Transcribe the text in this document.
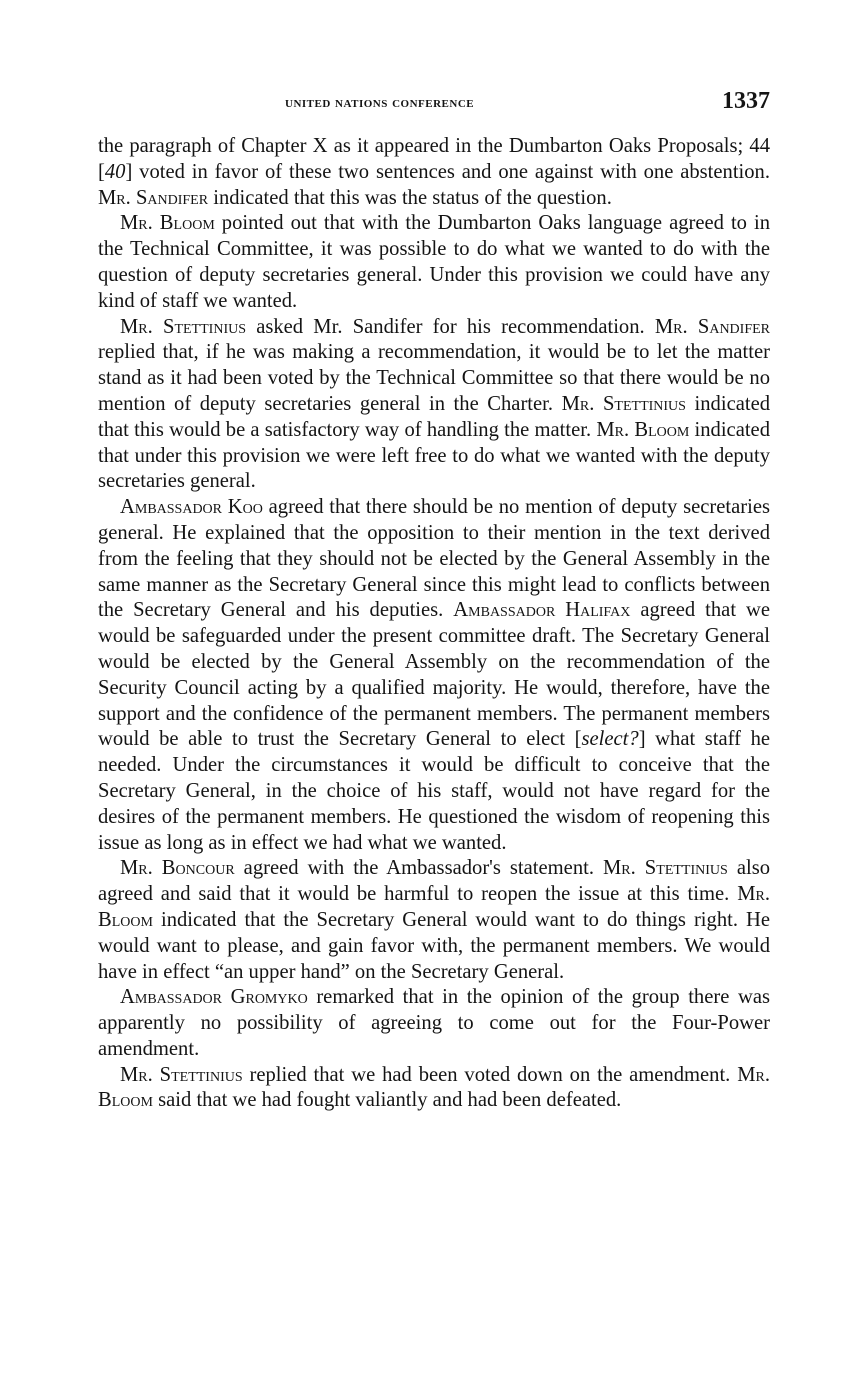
united nations conference	1337

the paragraph of Chapter X as it appeared in the Dumbarton Oaks Proposals; 44 [40] voted in favor of these two sentences and one against with one abstention. Mr. Sandifer indicated that this was the status of the question.

Mr. Bloom pointed out that with the Dumbarton Oaks language agreed to in the Technical Committee, it was possible to do what we wanted to do with the question of deputy secretaries general. Under this provision we could have any kind of staff we wanted.

Mr. Stettinius asked Mr. Sandifer for his recommendation. Mr. Sandifer replied that, if he was making a recommendation, it would be to let the matter stand as it had been voted by the Technical Committee so that there would be no mention of deputy secretaries general in the Charter. Mr. Stettinius indicated that this would be a satisfactory way of handling the matter. Mr. Bloom indicated that under this provision we were left free to do what we wanted with the deputy secretaries general.

Ambassador Koo agreed that there should be no mention of deputy secretaries general. He explained that the opposition to their mention in the text derived from the feeling that they should not be elected by the General Assembly in the same manner as the Secretary General since this might lead to conflicts between the Secretary General and his deputies. Ambassador Halifax agreed that we would be safeguarded under the present committee draft. The Secretary General would be elected by the General Assembly on the recommendation of the Security Council acting by a qualified majority. He would, therefore, have the support and the confidence of the permanent members. The permanent members would be able to trust the Secretary General to elect [select?] what staff he needed. Under the circumstances it would be difficult to conceive that the Secretary General, in the choice of his staff, would not have regard for the desires of the permanent members. He questioned the wisdom of reopening this issue as long as in effect we had what we wanted.

Mr. Boncour agreed with the Ambassador's statement. Mr. Stettinius also agreed and said that it would be harmful to reopen the issue at this time. Mr. Bloom indicated that the Secretary General would want to do things right. He would want to please, and gain favor with, the permanent members. We would have in effect “an upper hand” on the Secretary General.

Ambassador Gromyko remarked that in the opinion of the group there was apparently no possibility of agreeing to come out for the Four-Power amendment.

Mr. Stettinius replied that we had been voted down on the amendment. Mr. Bloom said that we had fought valiantly and had been defeated.
